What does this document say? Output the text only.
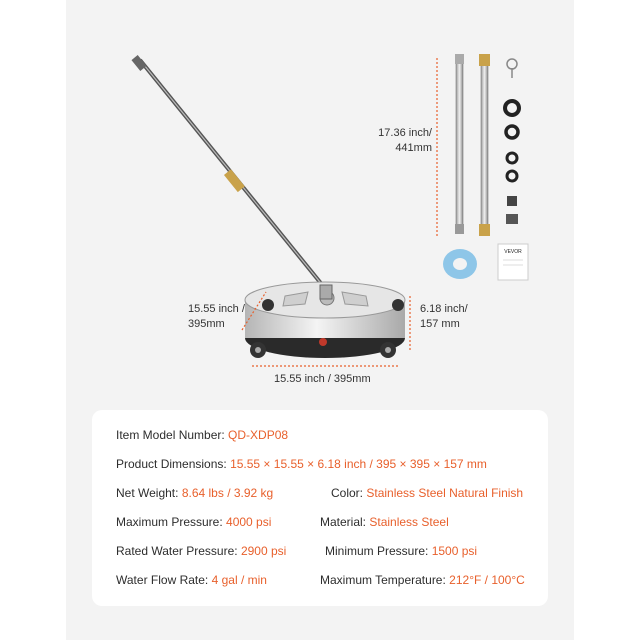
VEVOR
17.36 inch/
441mm
15.55 inch /
395mm
6.18 inch/
157 mm
15.55 inch / 395mm
Item Model Number: QD-XDP08
Product Dimensions: 15.55 × 15.55 × 6.18 inch / 395 × 395 × 157 mm
Net Weight: 8.64 lbs / 3.92 kg	Color: Stainless Steel Natural Finish
Maximum Pressure: 4000 psi	Material: Stainless Steel
Rated Water Pressure: 2900 psi	Minimum Pressure: 1500 psi
Water Flow Rate: 4 gal / min	Maximum Temperature: 212°F / 100°C
